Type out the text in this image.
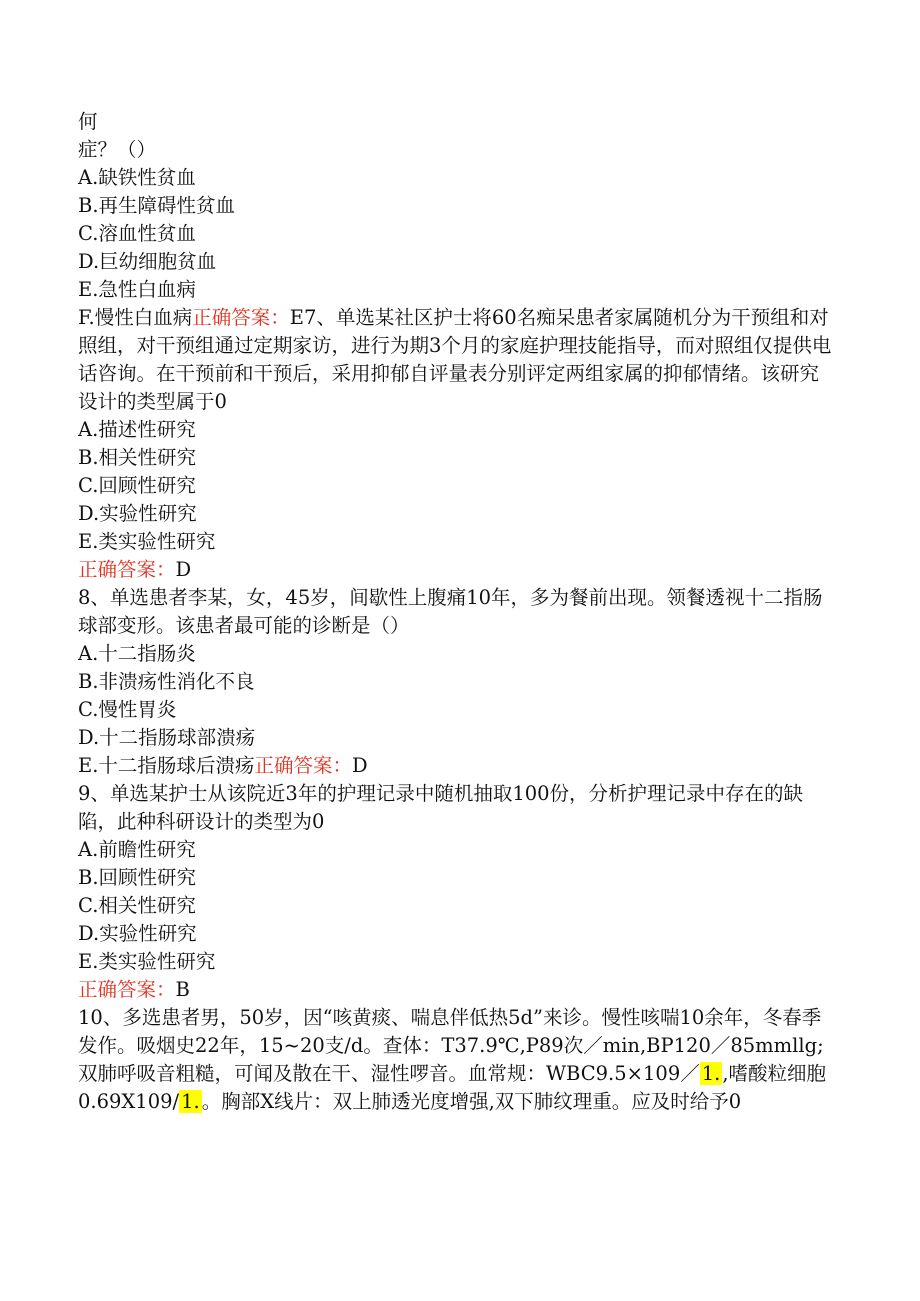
何
症？（）
A.缺铁性贫血
B.再生障碍性贫血
C.溶血性贫血
D.巨幼细胞贫血
E.急性白血病
F.慢性白血病正确答案：E7、单选某社区护士将60名痴呆患者家属随机分为干预组和对照组，对干预组通过定期家访，进行为期3个月的家庭护理技能指导，而对照组仅提供电话咨询。在干预前和干预后，采用抑郁自评量表分别评定两组家属的抑郁情绪。该研究设计的类型属于0
A.描述性研究
B.相关性研究
C.回顾性研究
D.实验性研究
E.类实验性研究
正确答案：D
8、单选患者李某，女，45岁，间歇性上腹痛10年，多为餐前出现。领餐透视十二指肠球部变形。该患者最可能的诊断是（）
A.十二指肠炎
B.非溃疡性消化不良
C.慢性胃炎
D.十二指肠球部溃疡
E.十二指肠球后溃疡正确答案：D
9、单选某护士从该院近3年的护理记录中随机抽取100份，分析护理记录中存在的缺陷，此种科研设计的类型为0
A.前瞻性研究
B.回顾性研究
C.相关性研究
D.实验性研究
E.类实验性研究
正确答案：B
10、多选患者男，50岁，因“咳黄痰、喘息伴低热5d”来诊。慢性咳喘10余年，冬春季发作。吸烟史22年，15~20支/d。查体：T37.9℃,P89次／min,BP120／85mmllg;双肺呼吸音粗糙，可闻及散在干、湿性啰音。血常规：WBC9.5×109／ 1. ,嗜酸粒细胞0.69X109/ 1. 。胸部X线片：双上肺透光度增强,双下肺纹理重。应及时给予0
